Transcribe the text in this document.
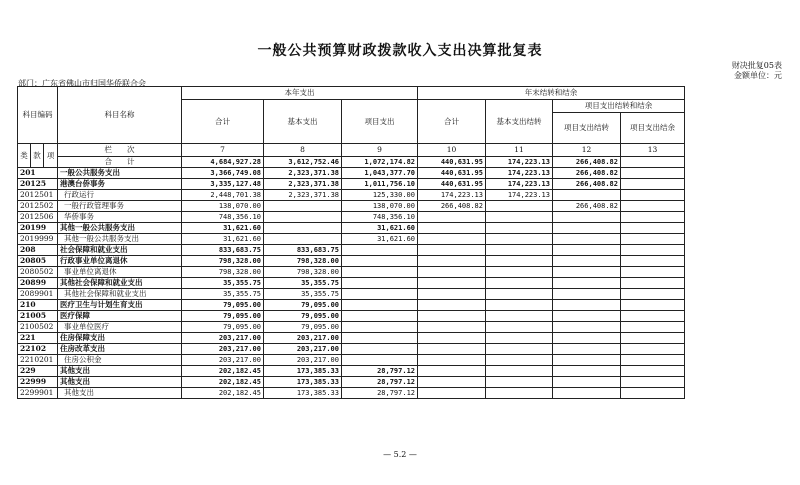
一般公共预算财政拨款收入支出决算批复表
财决批复05表
金额单位：元
部门：广东省佛山市归国华侨联合会
科目编码			科目名称	本年支出			年末结转和结余			
				合计	基本支出	项目支出	合计	基本支出结转	项目支出结转和结余	
									项目支出结转	项目支出结余
类	款	项	栏　　次	7	8	9	10	11	12	13
			合　　计	4,684,927.28	3,612,752.46	1,072,174.82	440,631.95	174,223.13	266,408.82	
201			一般公共服务支出	3,366,749.08	2,323,371.38	1,043,377.70	440,631.95	174,223.13	266,408.82	
20125			港澳台侨事务	3,335,127.48	2,323,371.38	1,011,756.10	440,631.95	174,223.13	266,408.82	
2012501			行政运行	2,448,701.38	2,323,371.38	125,330.00	174,223.13	174,223.13		
2012502			一般行政管理事务	138,070.00		138,070.00	266,408.82		266,408.82	
2012506			华侨事务	748,356.10		748,356.10				
20199			其他一般公共服务支出	31,621.60		31,621.60				
2019999			其他一般公共服务支出	31,621.60		31,621.60				
208			社会保障和就业支出	833,683.75	833,683.75					
20805			行政事业单位离退休	798,328.00	798,328.00					
2080502			事业单位离退休	798,328.00	798,328.00					
20899			其他社会保障和就业支出	35,355.75	35,355.75					
2089901			其他社会保障和就业支出	35,355.75	35,355.75					
210			医疗卫生与计划生育支出	79,095.00	79,095.00					
21005			医疗保障	79,095.00	79,095.00					
2100502			事业单位医疗	79,095.00	79,095.00					
221			住房保障支出	203,217.00	203,217.00					
22102			住房改革支出	203,217.00	203,217.00					
2210201			住房公积金	203,217.00	203,217.00					
229			其他支出	202,182.45	173,385.33	28,797.12				
22999			其他支出	202,182.45	173,385.33	28,797.12				
2299901			其他支出	202,182.45	173,385.33	28,797.12				
— 5.2 —
